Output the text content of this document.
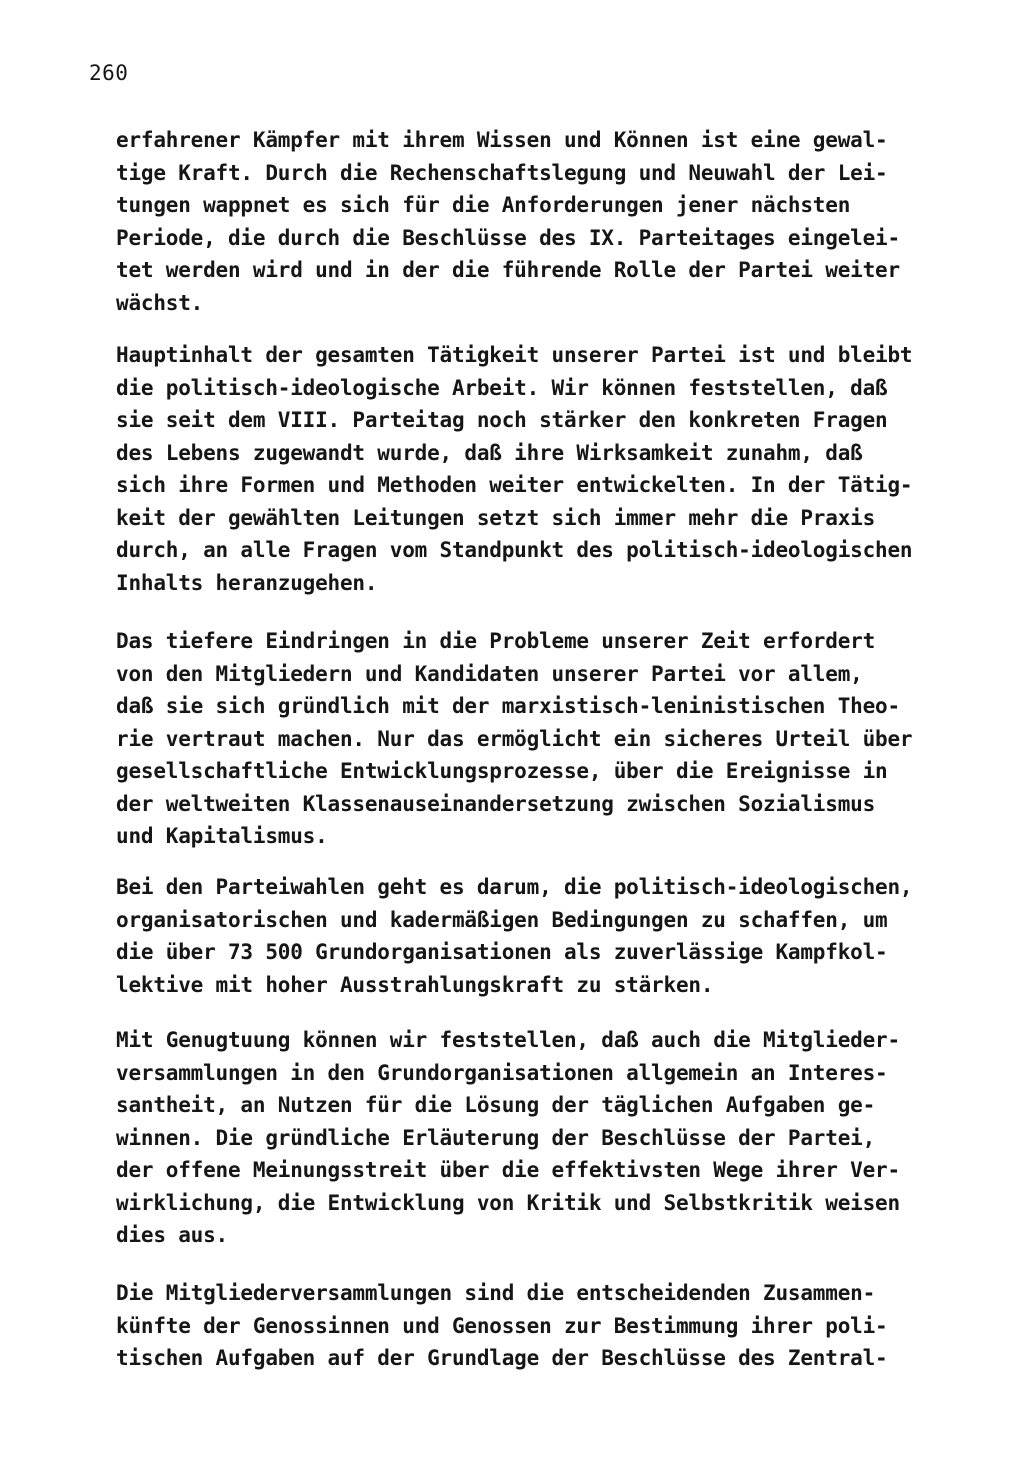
260
erfahrener Kämpfer mit ihrem Wissen und Können ist eine gewal-
tige Kraft. Durch die Rechenschaftslegung und Neuwahl der Lei-
tungen wappnet es sich für die Anforderungen jener nächsten
Periode, die durch die Beschlüsse des IX. Parteitages eingelei-
tet werden wird und in der die führende Rolle der Partei weiter
wächst.
Hauptinhalt der gesamten Tätigkeit unserer Partei ist und bleibt
die politisch-ideologische Arbeit. Wir können feststellen, daß
sie seit dem VIII. Parteitag noch stärker den konkreten Fragen
des Lebens zugewandt wurde, daß ihre Wirksamkeit zunahm, daß
sich ihre Formen und Methoden weiter entwickelten. In der Tätig-
keit der gewählten Leitungen setzt sich immer mehr die Praxis
durch, an alle Fragen vom Standpunkt des politisch-ideologischen
Inhalts heranzugehen.
Das tiefere Eindringen in die Probleme unserer Zeit erfordert
von den Mitgliedern und Kandidaten unserer Partei vor allem,
daß sie sich gründlich mit der marxistisch-leninistischen Theo-
rie vertraut machen. Nur das ermöglicht ein sicheres Urteil über
gesellschaftliche Entwicklungsprozesse, über die Ereignisse in
der weltweiten Klassenauseinandersetzung zwischen Sozialismus
und Kapitalismus.
Bei den Parteiwahlen geht es darum, die politisch-ideologischen,
organisatorischen und kadermäßigen Bedingungen zu schaffen, um
die über 73 500 Grundorganisationen als zuverlässige Kampfkol-
lektive mit hoher Ausstrahlungskraft zu stärken.
Mit Genugtuung können wir feststellen, daß auch die Mitglieder-
versammlungen in den Grundorganisationen allgemein an Interes-
santheit, an Nutzen für die Lösung der täglichen Aufgaben ge-
winnen. Die gründliche Erläuterung der Beschlüsse der Partei,
der offene Meinungsstreit über die effektivsten Wege ihrer Ver-
wirklichung, die Entwicklung von Kritik und Selbstkritik weisen
dies aus.
Die Mitgliederversammlungen sind die entscheidenden Zusammen-
künfte der Genossinnen und Genossen zur Bestimmung ihrer poli-
tischen Aufgaben auf der Grundlage der Beschlüsse des Zentral-
